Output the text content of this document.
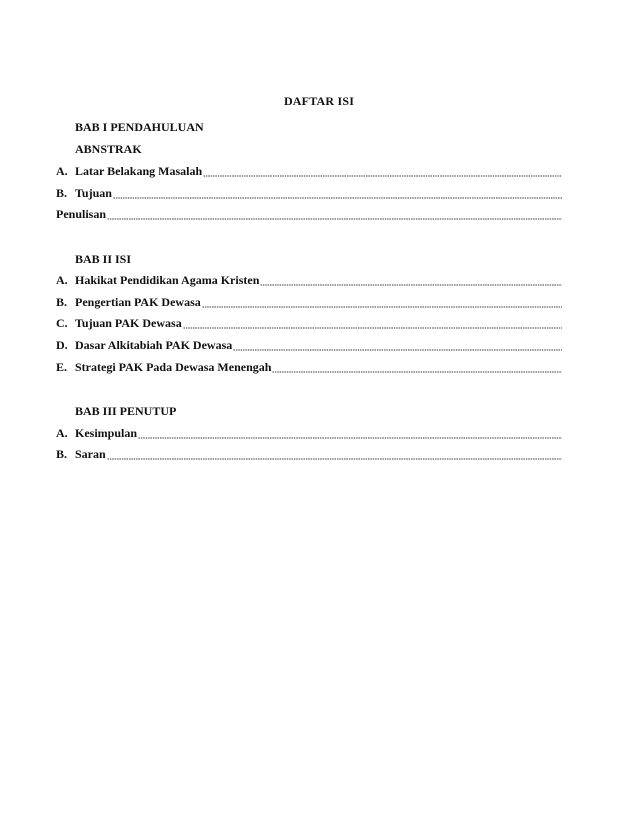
DAFTAR ISI
BAB I PENDAHULUAN
ABNSTRAK
A. Latar Belakang Masalah
B. Tujuan
Penulisan
BAB II ISI
A. Hakikat Pendidikan Agama Kristen
B. Pengertian PAK Dewasa
C. Tujuan PAK Dewasa
D. Dasar Alkitabiah PAK Dewasa
E. Strategi PAK Pada Dewasa Menengah
BAB III PENUTUP
A. Kesimpulan
B. Saran
